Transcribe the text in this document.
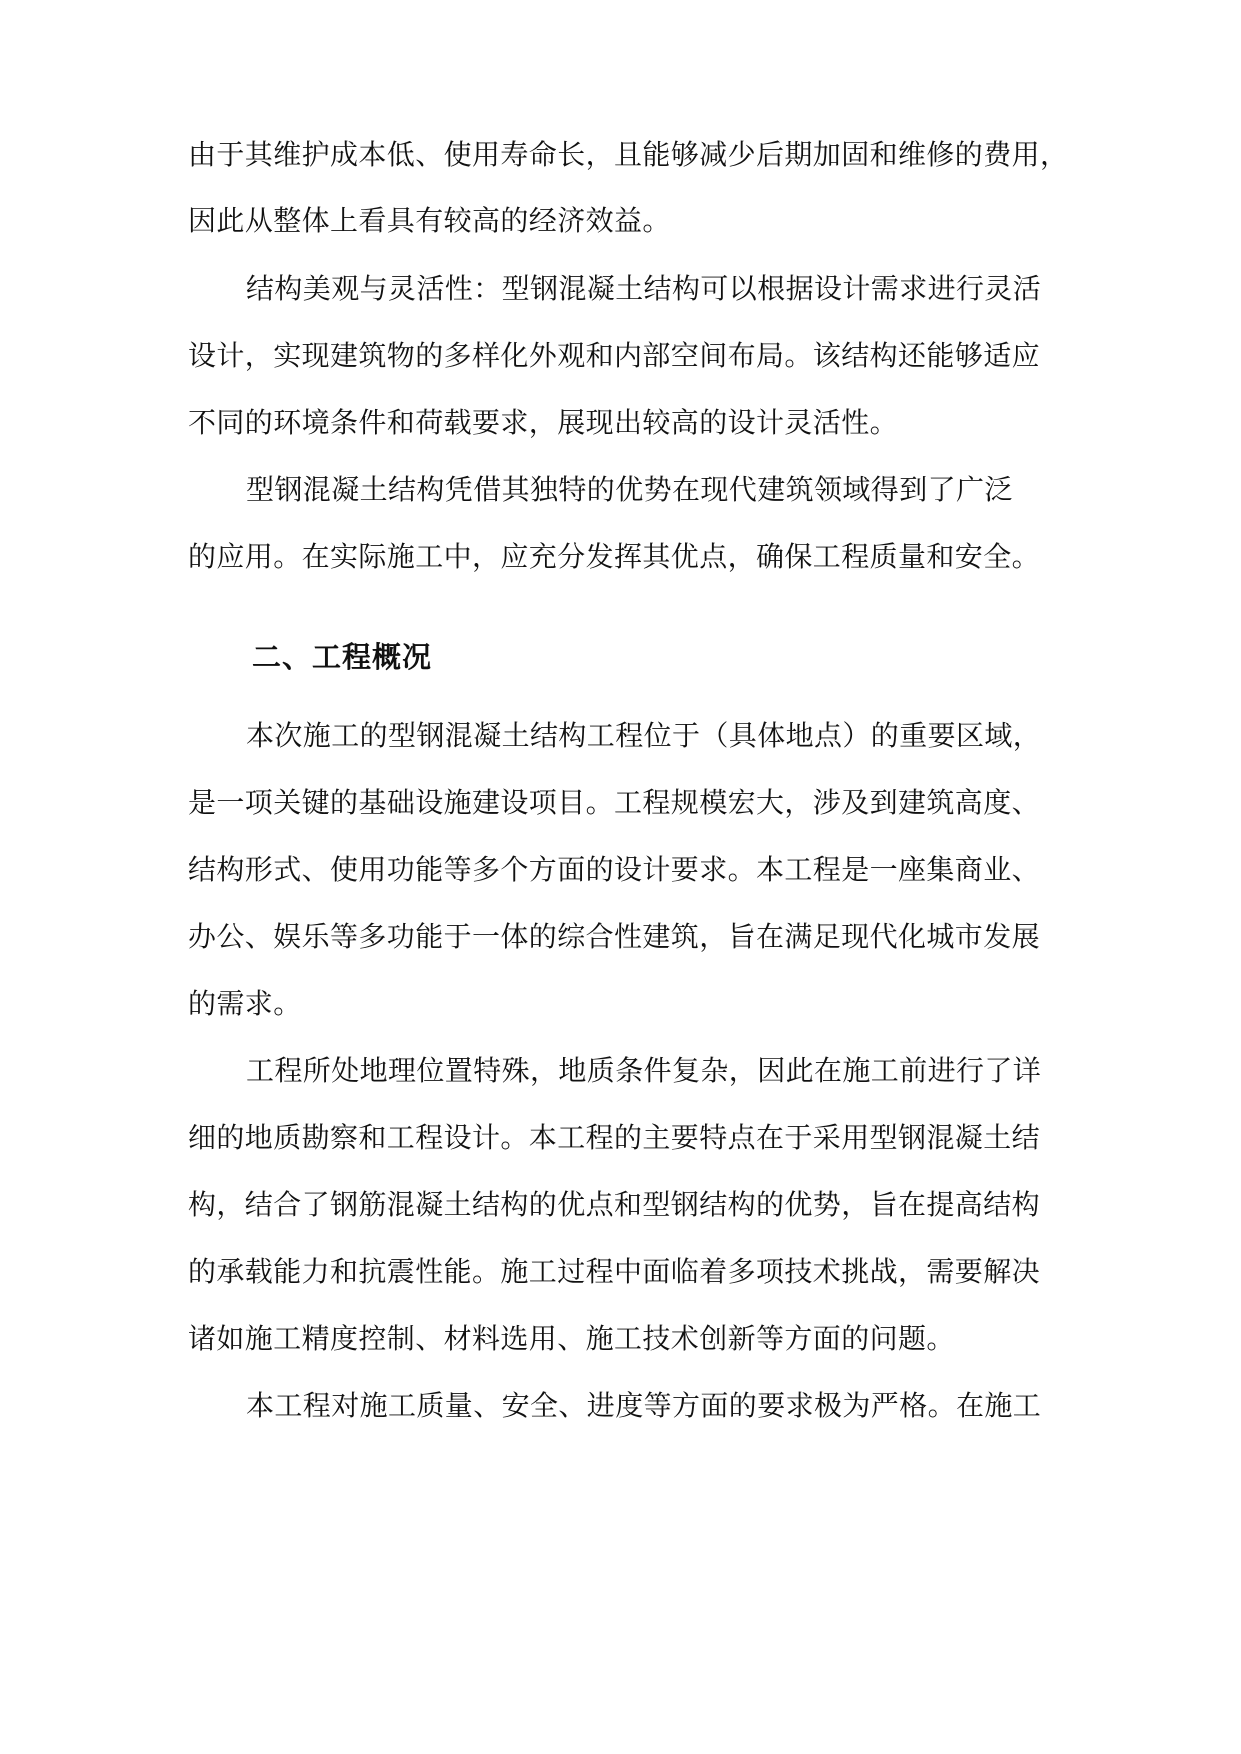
由于其维护成本低、使用寿命长，且能够减少后期加固和维修的费用，
因此从整体上看具有较高的经济效益。
结构美观与灵活性：型钢混凝土结构可以根据设计需求进行灵活
设计，实现建筑物的多样化外观和内部空间布局。该结构还能够适应
不同的环境条件和荷载要求，展现出较高的设计灵活性。
型钢混凝土结构凭借其独特的优势在现代建筑领域得到了广泛
的应用。在实际施工中，应充分发挥其优点，确保工程质量和安全。
二、工程概况
本次施工的型钢混凝土结构工程位于（具体地点）的重要区域，
是一项关键的基础设施建设项目。工程规模宏大，涉及到建筑高度、
结构形式、使用功能等多个方面的设计要求。本工程是一座集商业、
办公、娱乐等多功能于一体的综合性建筑，旨在满足现代化城市发展
的需求。
工程所处地理位置特殊，地质条件复杂，因此在施工前进行了详
细的地质勘察和工程设计。本工程的主要特点在于采用型钢混凝土结
构，结合了钢筋混凝土结构的优点和型钢结构的优势，旨在提高结构
的承载能力和抗震性能。施工过程中面临着多项技术挑战，需要解决
诸如施工精度控制、材料选用、施工技术创新等方面的问题。
本工程对施工质量、安全、进度等方面的要求极为严格。在施工
